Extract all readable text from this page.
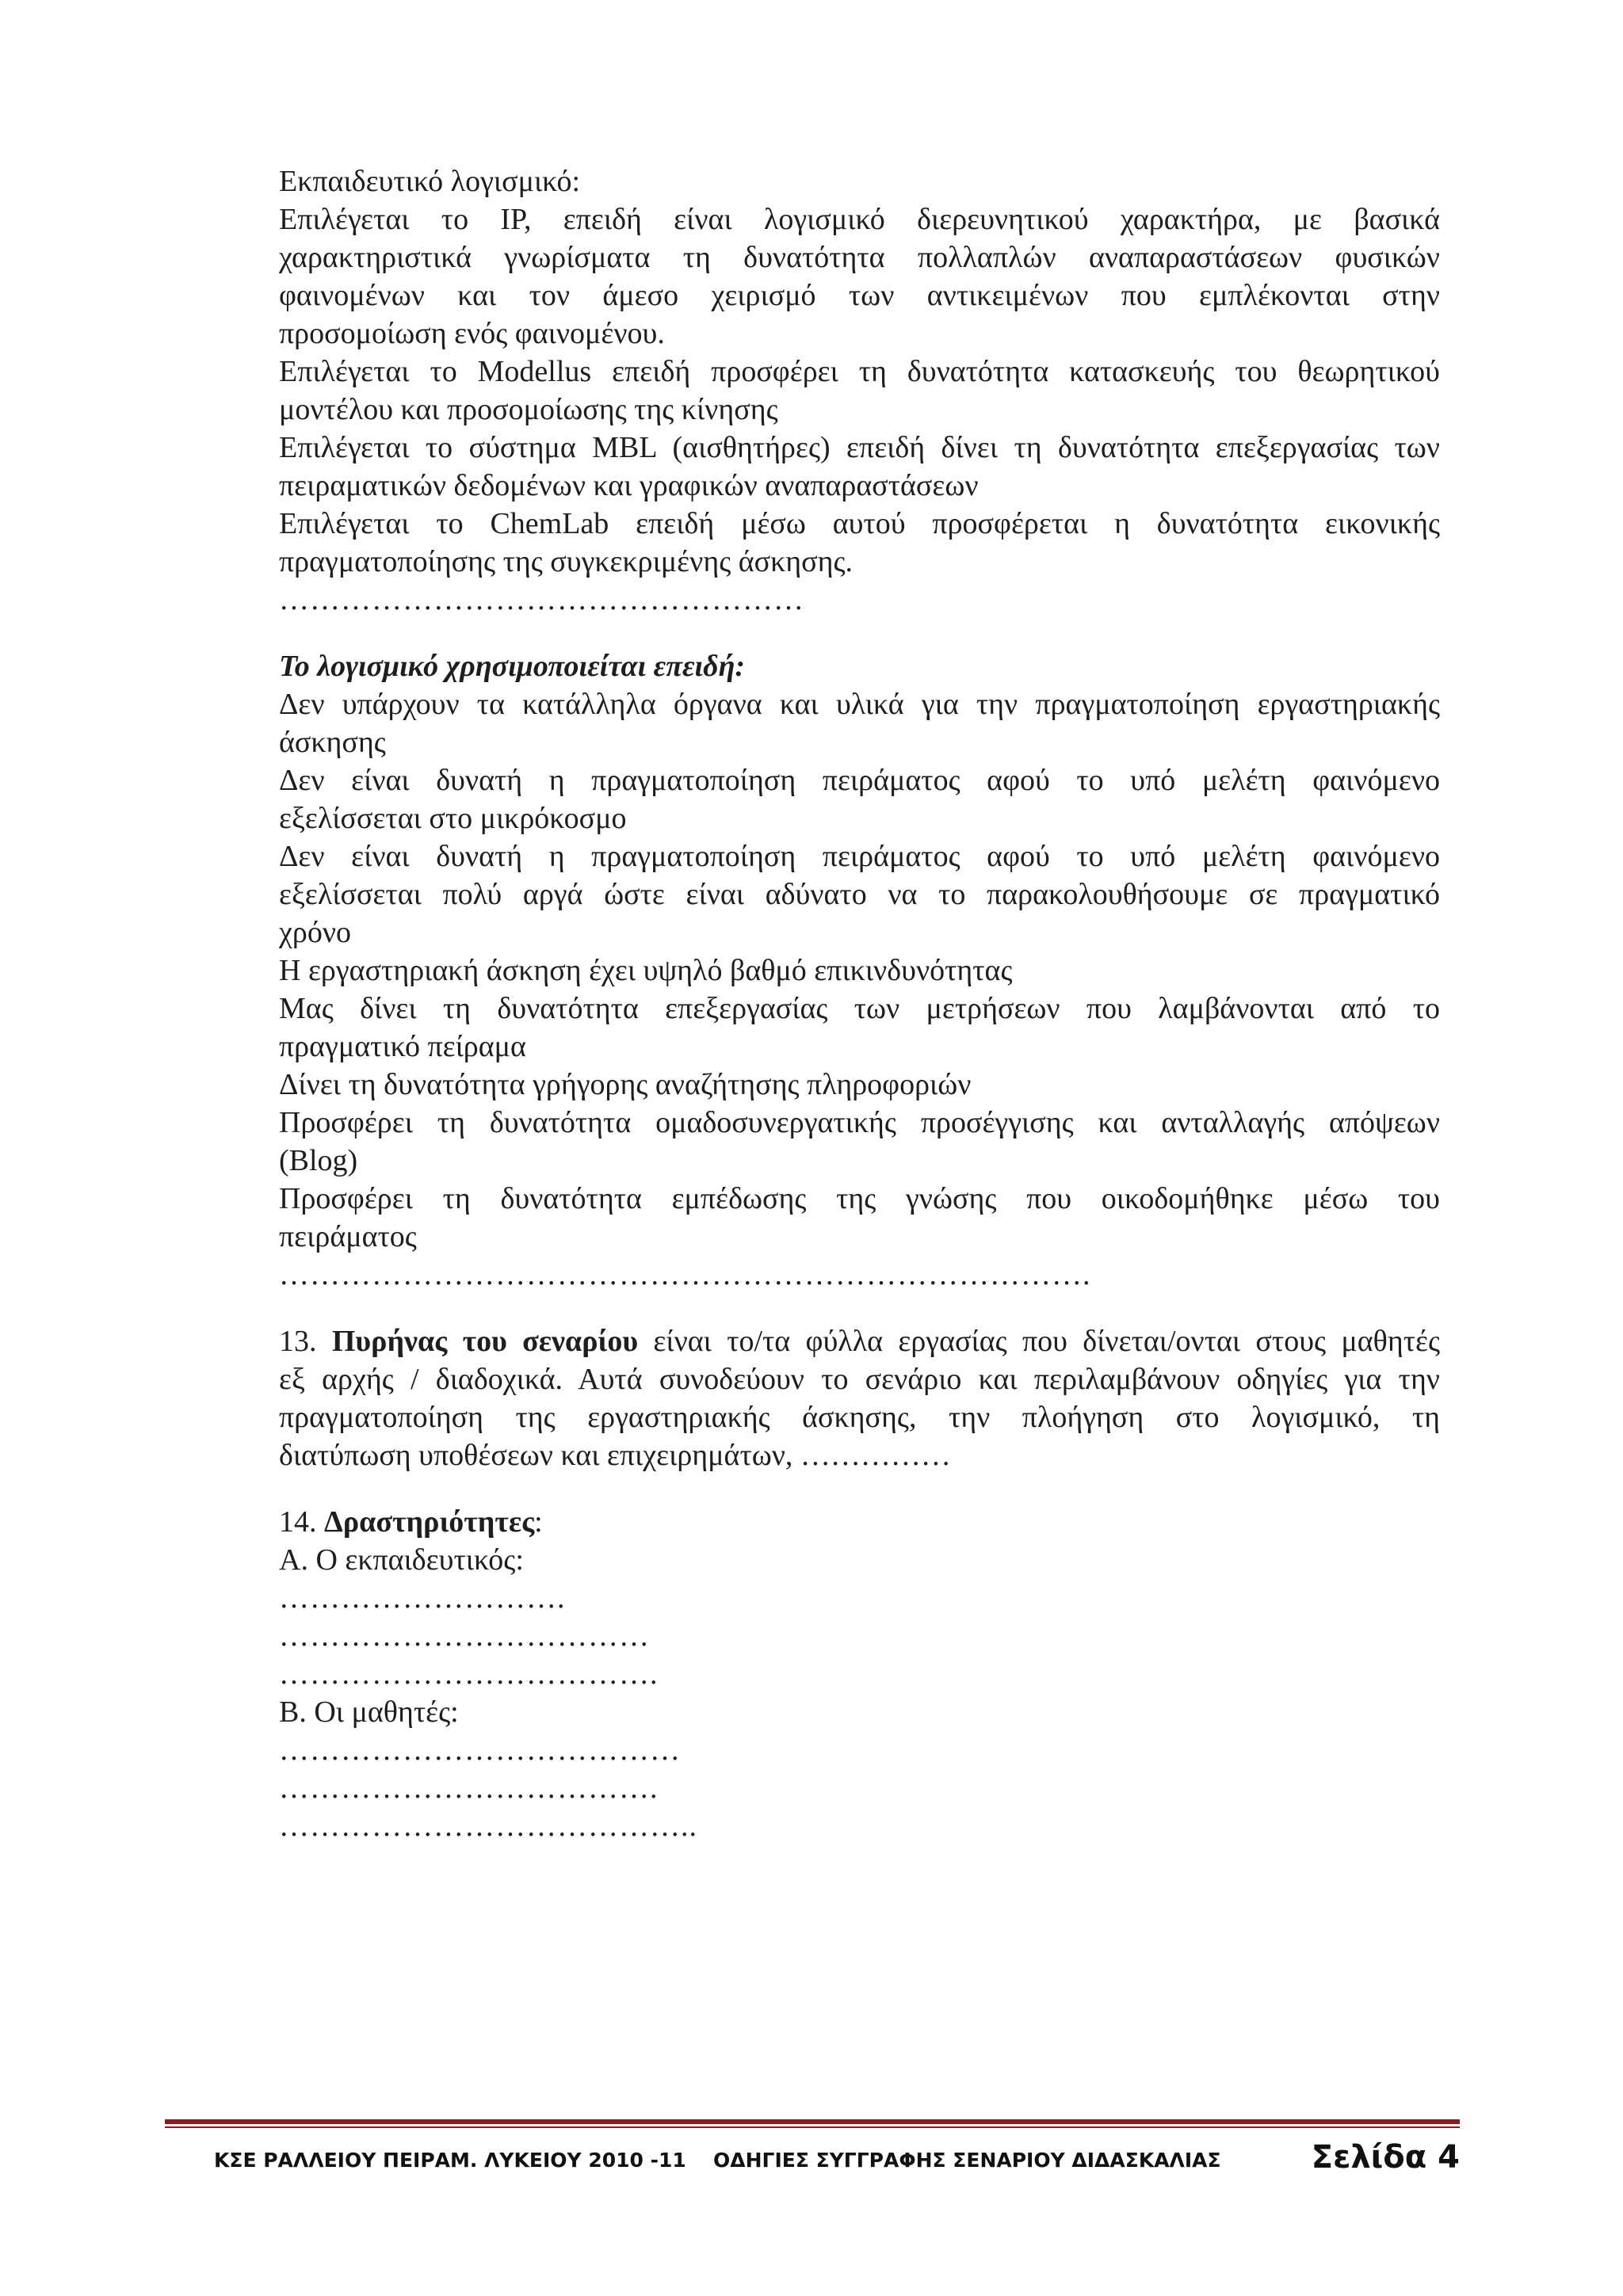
Εκπαιδευτικό λογισμικό:
Επιλέγεται το IP, επειδή είναι λογισμικό διερευνητικού χαρακτήρα, με βασικά
χαρακτηριστικά γνωρίσματα τη δυνατότητα πολλαπλών αναπαραστάσεων φυσικών
φαινομένων και τον άμεσο χειρισμό των αντικειμένων που εμπλέκονται στην
προσομοίωση ενός φαινομένου.
Επιλέγεται το Modellus επειδή προσφέρει τη δυνατότητα κατασκευής του θεωρητικού
μοντέλου και προσομοίωσης της κίνησης
Επιλέγεται το σύστημα MBL (αισθητήρες) επειδή δίνει τη δυνατότητα επεξεργασίας των
πειραματικών δεδομένων και γραφικών αναπαραστάσεων
Επιλέγεται το ChemLab επειδή μέσω αυτού προσφέρεται η δυνατότητα εικονικής
πραγματοποίησης της συγκεκριμένης άσκησης.
……………………………………………
Το λογισμικό χρησιμοποιείται επειδή:
Δεν υπάρχουν τα κατάλληλα όργανα και υλικά για την πραγματοποίηση εργαστηριακής
άσκησης
Δεν είναι δυνατή η πραγματοποίηση πειράματος αφού το υπό μελέτη φαινόμενο
εξελίσσεται στο μικρόκοσμο
Δεν είναι δυνατή η πραγματοποίηση πειράματος αφού το υπό μελέτη φαινόμενο
εξελίσσεται πολύ αργά ώστε είναι αδύνατο να το παρακολουθήσουμε σε πραγματικό
χρόνο
Η εργαστηριακή άσκηση έχει υψηλό βαθμό επικινδυνότητας
Μας δίνει τη δυνατότητα επεξεργασίας των μετρήσεων που λαμβάνονται από το
πραγματικό πείραμα
Δίνει τη δυνατότητα γρήγορης αναζήτησης πληροφοριών
Προσφέρει τη δυνατότητα ομαδοσυνεργατικής προσέγγισης και ανταλλαγής απόψεων
(Blog)
Προσφέρει τη δυνατότητα εμπέδωσης της γνώσης που οικοδομήθηκε μέσω του
πειράματος
…………………………………………………………………….
13. Πυρήνας του σεναρίου είναι το/τα φύλλα εργασίας που δίνεται/ονται στους μαθητές
εξ αρχής / διαδοχικά. Αυτά συνοδεύουν το σενάριο και περιλαμβάνουν οδηγίες για την
πραγματοποίηση της εργαστηριακής άσκησης, την πλοήγηση στο λογισμικό, τη
διατύπωση υποθέσεων και επιχειρημάτων, ……………
14. Δραστηριότητες:
Α. Ο εκπαιδευτικός:
……………………….
………………………………
……………………………….
Β. Οι μαθητές:
…………………………………
……………………………….
…………………………………..
ΚΣΕ ΡΑΛΛΕΙΟΥ ΠΕΙΡΑΜ. ΛΥΚΕΙΟΥ 2010 -11 ΟΔΗΓΙΕΣ ΣΥΓΓΡΑΦΗΣ ΣΕΝΑΡΙΟΥ ΔΙΔΑΣΚΑΛΙΑΣ	Σελίδα 4
